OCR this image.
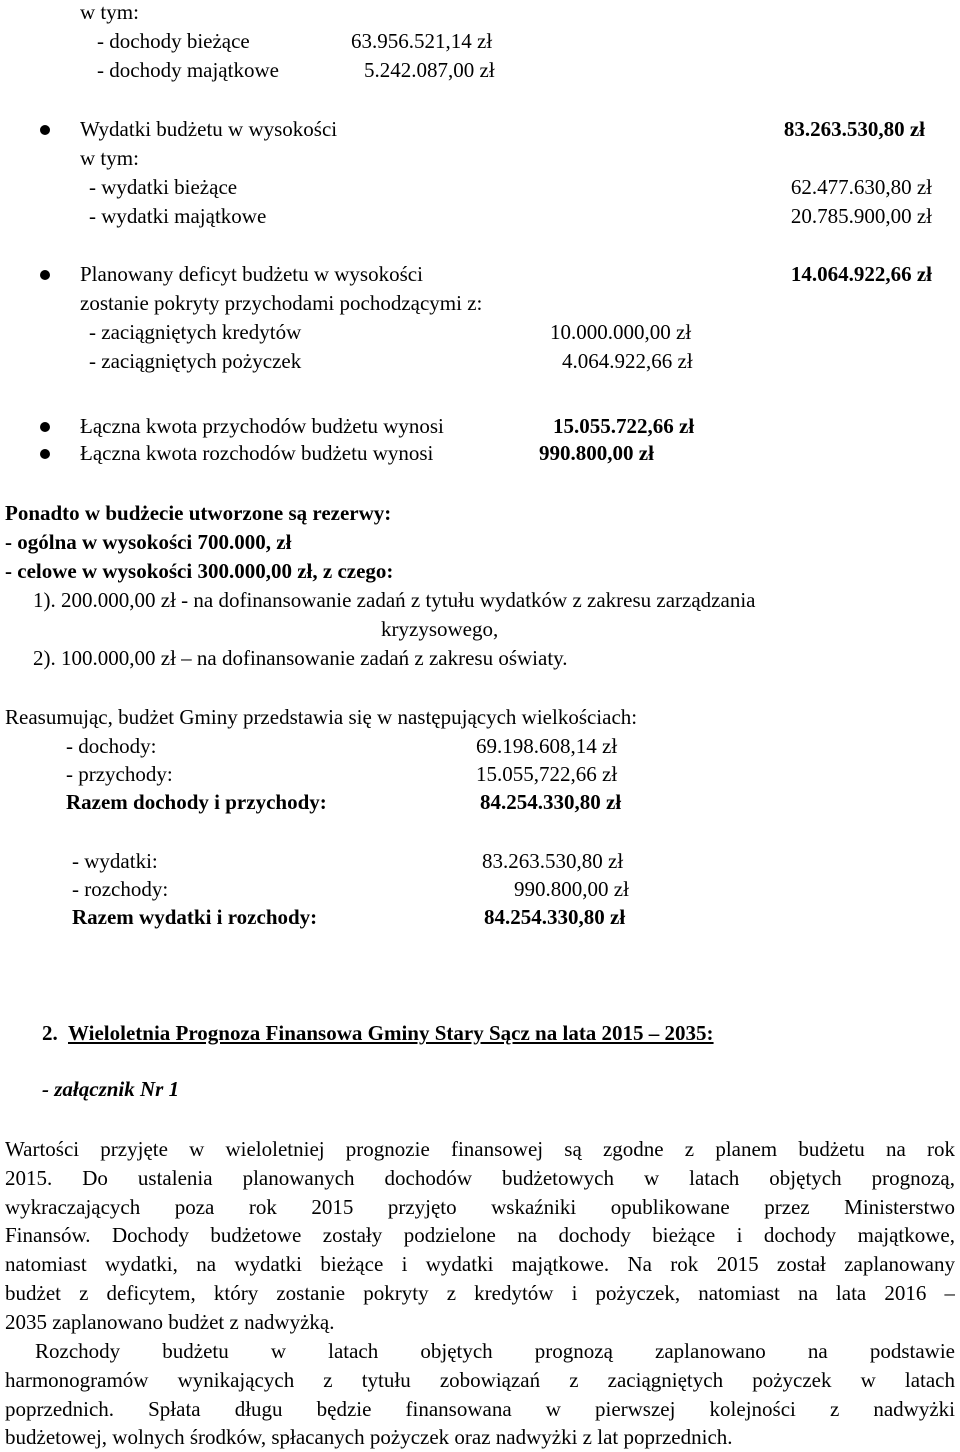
w tym:
- dochody bieżące	63.956.521,14 zł
- dochody majątkowe	5.242.087,00 zł
Wydatki budżetu w wysokości	83.263.530,80 zł
w tym:
- wydatki bieżące	62.477.630,80 zł
- wydatki majątkowe	20.785.900,00 zł
Planowany deficyt budżetu w wysokości	14.064.922,66 zł
zostanie pokryty przychodami pochodzącymi z:
- zaciągniętych kredytów	10.000.000,00 zł
- zaciągniętych pożyczek	4.064.922,66 zł
Łączna kwota przychodów budżetu wynosi	15.055.722,66 zł
Łączna kwota rozchodów budżetu wynosi	990.800,00 zł
Ponadto w budżecie utworzone są rezerwy:
- ogólna w wysokości 700.000, zł
- celowe w wysokości 300.000,00 zł, z czego:
1). 200.000,00 zł - na dofinansowanie zadań z tytułu wydatków z zakresu zarządzania
kryzysowego,
2). 100.000,00 zł – na dofinansowanie zadań z zakresu oświaty.
Reasumując, budżet Gminy przedstawia się w następujących wielkościach:
- dochody:	69.198.608,14 zł
- przychody:	15.055,722,66 zł
Razem dochody i przychody:	84.254.330,80 zł
- wydatki:	83.263.530,80 zł
- rozchody:	990.800,00 zł
Razem wydatki i rozchody:	84.254.330,80 zł
2. Wieloletnia Prognoza Finansowa Gminy Stary Sącz na lata 2015 – 2035:
- załącznik Nr 1
Wartości przyjęte w wieloletniej prognozie finansowej są zgodne z planem budżetu na rok
2015. Do ustalenia planowanych dochodów budżetowych w latach objętych prognozą,
wykraczających poza rok 2015 przyjęto wskaźniki opublikowane przez Ministerstwo
Finansów. Dochody budżetowe zostały podzielone na dochody bieżące i dochody majątkowe,
natomiast wydatki, na wydatki bieżące i wydatki majątkowe. Na rok 2015 został zaplanowany
budżet z deficytem, który zostanie pokryty z kredytów i pożyczek, natomiast na lata 2016 –
2035 zaplanowano budżet z nadwyżką.
Rozchody budżetu w latach objętych prognozą zaplanowano na podstawie
harmonogramów wynikających z tytułu zobowiązań z zaciągniętych pożyczek w latach
poprzednich. Spłata długu będzie finansowana w pierwszej kolejności z nadwyżki
budżetowej, wolnych środków, spłacanych pożyczek oraz nadwyżki z lat poprzednich.
